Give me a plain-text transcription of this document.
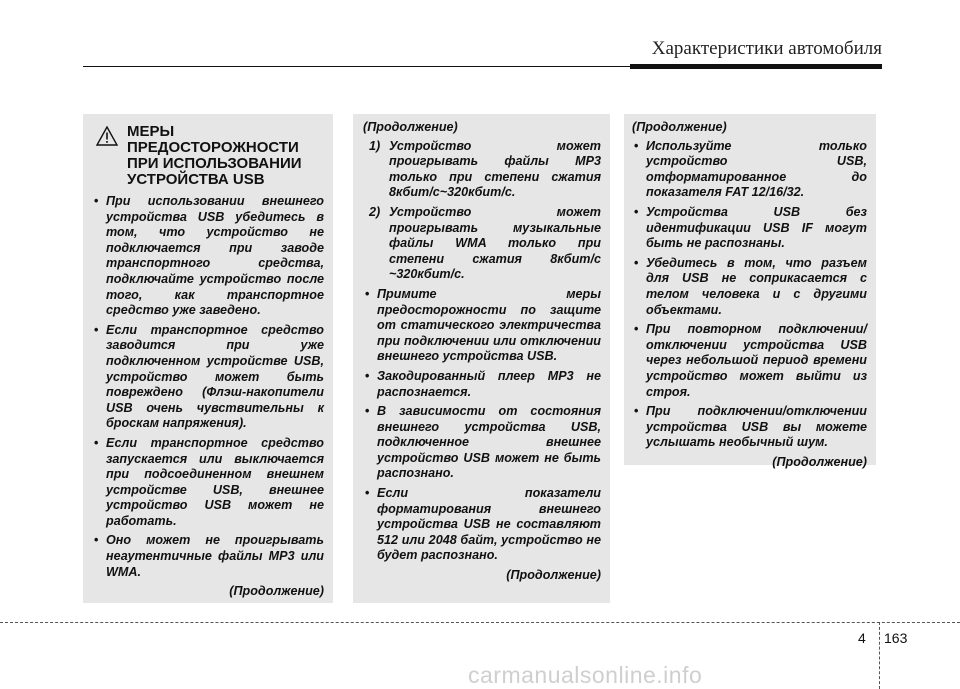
Характеристики автомобиля
МЕРЫ
ПРЕДОСТОРОЖНОСТИ
ПРИ ИСПОЛЬЗОВАНИИ
УСТРОЙСТВА USB
• При использовании внешнего устройства USB убедитесь в том, что устройство не подключается при заводе транспортного средства, подключайте устройство после того, как транспортное средство уже заведено.
• Если транспортное средство заводится при уже подключенном устройстве USB, устройство может быть повреждено (Флэш-накопители USB очень чувствительны к броскам напряжения).
• Если транспортное средство запускается или выключается при подсоединенном внешнем устройстве USB, внешнее устройство USB может не работать.
• Оно может не проигрывать неаутентичные файлы MP3 или WMA.
(Продолжение)
(Продолжение)
1) Устройство может проигрывать файлы MP3 только при степени сжатия 8кбит/с~320кбит/с.
2) Устройство может проигрывать музыкальные файлы WMA только при степени сжатия 8кбит/с ~320кбит/с.
• Примите меры предосторожности по защите от статического электричества при подключении или отключении внешнего устройства USB.
• Закодированный плеер MP3 не распознается.
• В зависимости от состояния внешнего устройства USB, подключенное внешнее устройство USB может не быть распознано.
• Если показатели форматирования внешнего устройства USB не составляют 512 или 2048 байт, устройство не будет распознано.
(Продолжение)
(Продолжение)
• Используйте только устройство USB, отформатированное до показателя FAT 12/16/32.
• Устройства USB без идентификации USB IF могут быть не распознаны.
• Убедитесь в том, что разъем для USB не соприкасается с телом человека и с другими объектами.
• При повторном подключении/отключении устройства USB через небольшой период времени устройство может выйти из строя.
• При подключении/отключении устройства USB вы можете услышать необычный шум.
(Продолжение)
4 163
carmanualsonline.info
